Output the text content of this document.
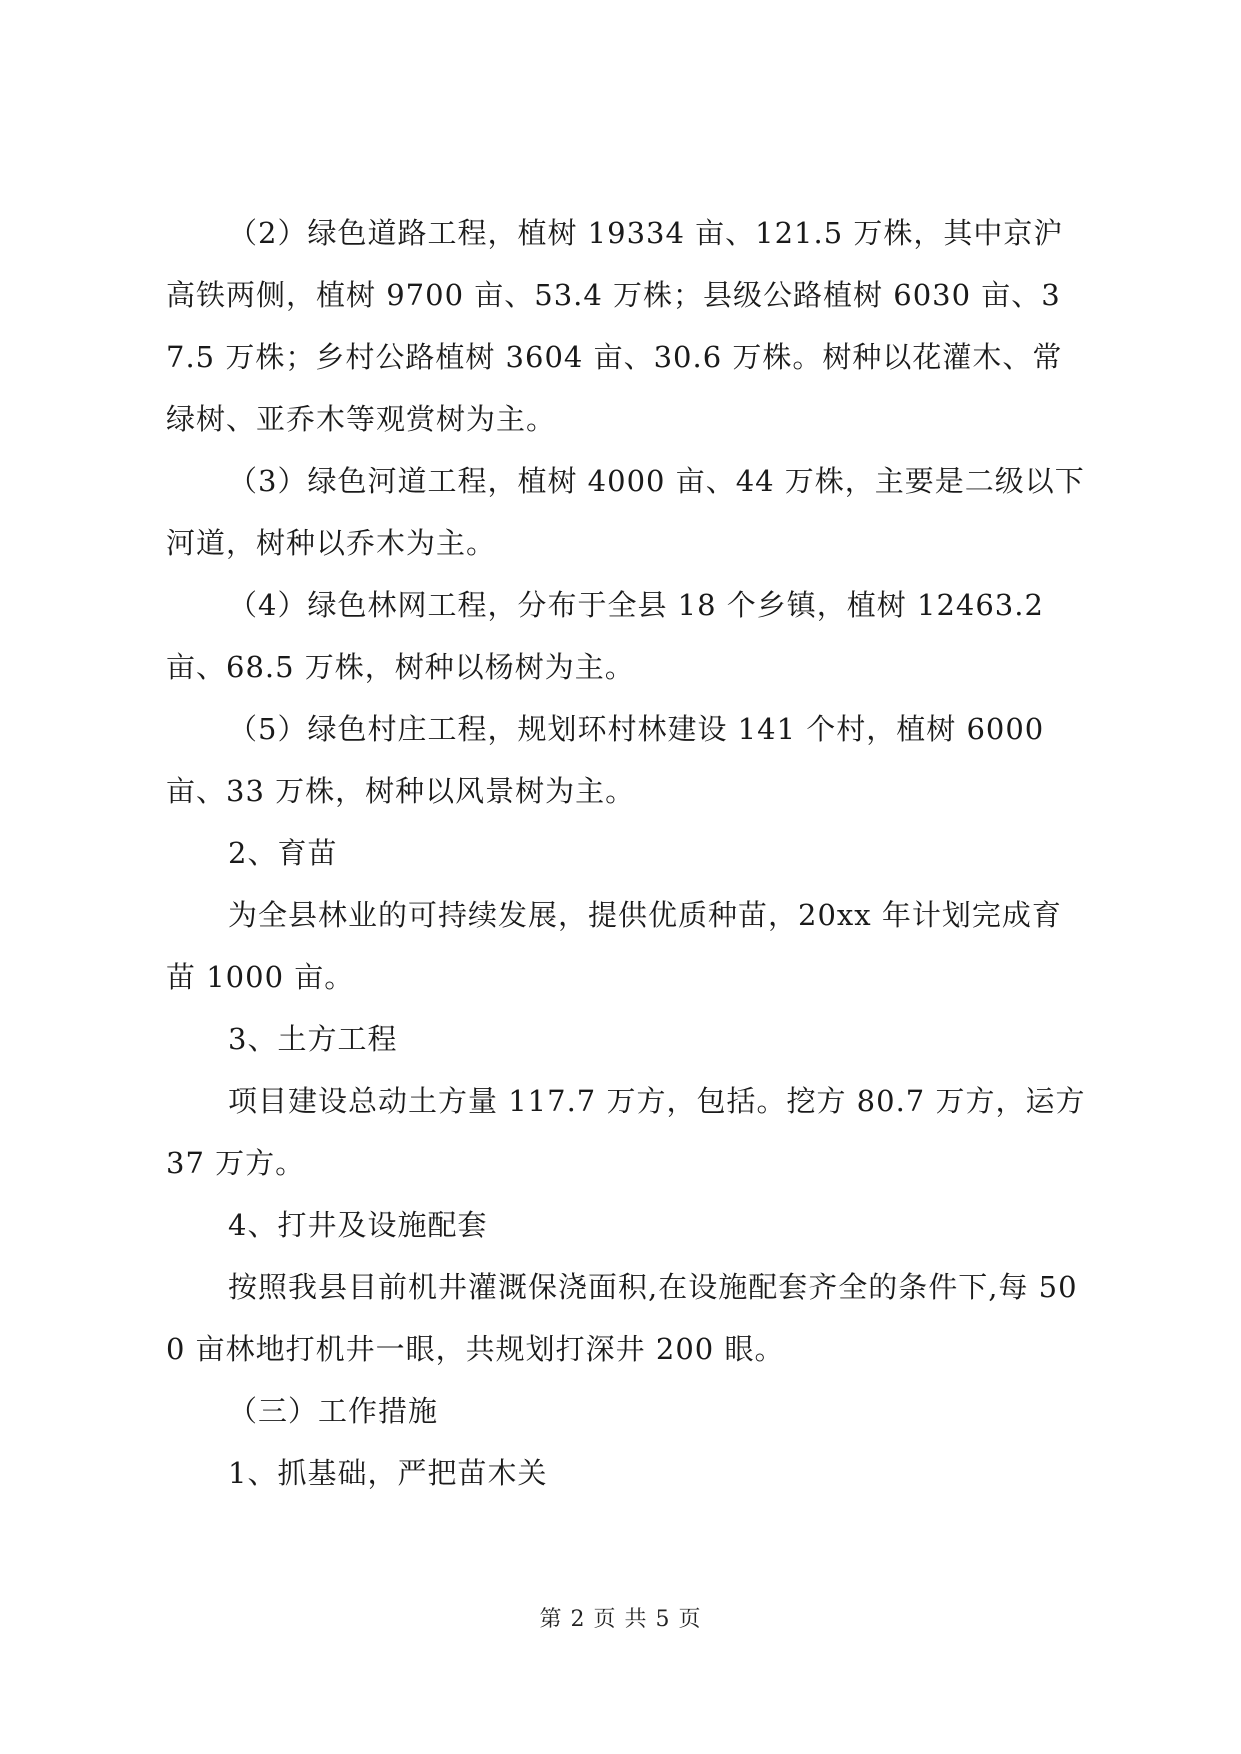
（2）绿色道路工程，植树 19334 亩、121.5 万株，其中京沪高铁两侧，植树 9700 亩、53.4 万株；县级公路植树 6030 亩、37.5 万株；乡村公路植树 3604 亩、30.6 万株。树种以花灌木、常绿树、亚乔木等观赏树为主。

（3）绿色河道工程，植树 4000 亩、44 万株，主要是二级以下河道，树种以乔木为主。

（4）绿色林网工程，分布于全县 18 个乡镇，植树 12463.2 亩、68.5 万株，树种以杨树为主。

（5）绿色村庄工程，规划环村林建设 141 个村，植树 6000 亩、33 万株，树种以风景树为主。

2、育苗

为全县林业的可持续发展，提供优质种苗，20xx 年计划完成育苗 1000 亩。

3、土方工程

项目建设总动土方量 117.7 万方，包括。挖方 80.7 万方，运方 37 万方。

4、打井及设施配套

按照我县目前机井灌溉保浇面积,在设施配套齐全的条件下,每 500 亩林地打机井一眼，共规划打深井 200 眼。

（三）工作措施

1、抓基础，严把苗木关

第 2 页 共 5 页
